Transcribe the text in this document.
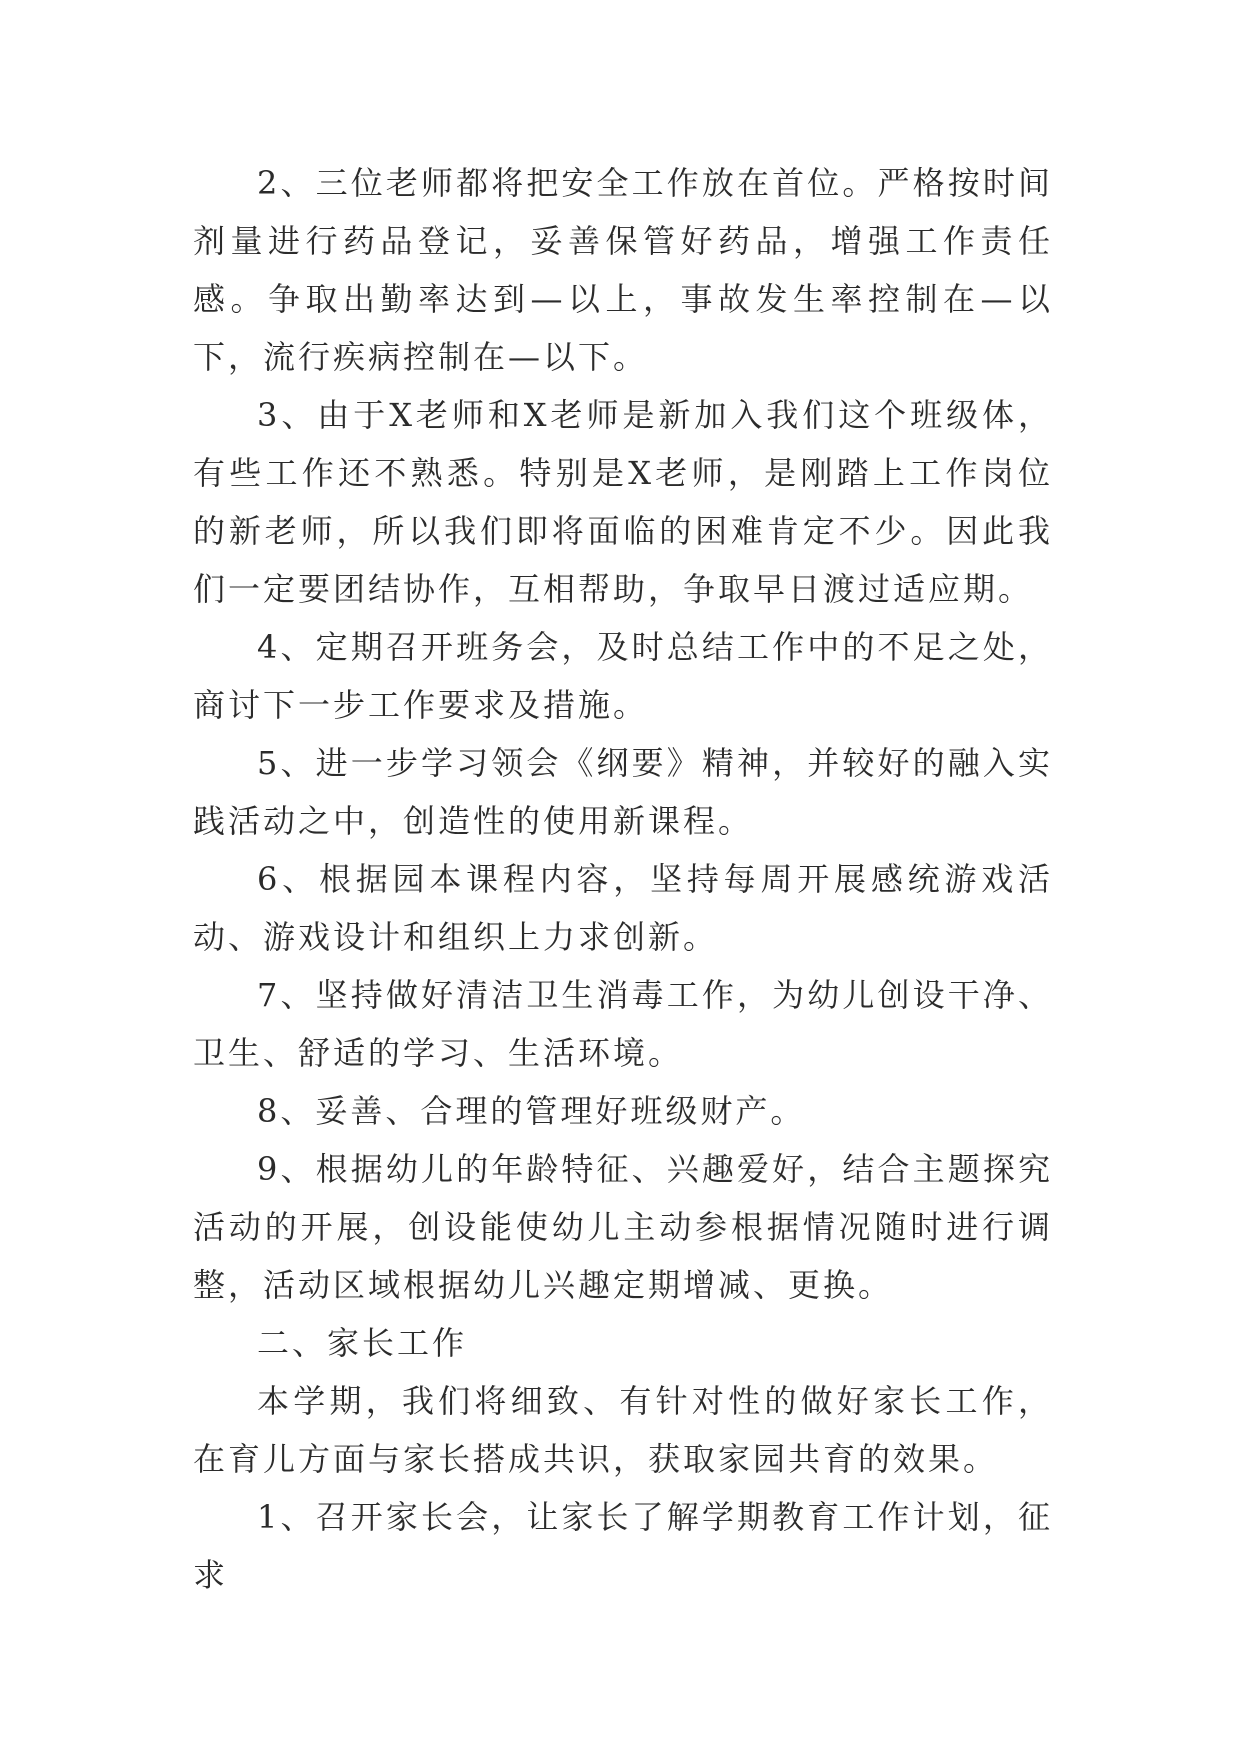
2、三位老师都将把安全工作放在首位。严格按时间剂量进行药品登记，妥善保管好药品，增强工作责任感。争取出勤率达到—以上，事故发生率控制在—以下，流行疾病控制在—以下。

3、由于X老师和X老师是新加入我们这个班级体，有些工作还不熟悉。特别是X老师，是刚踏上工作岗位的新老师，所以我们即将面临的困难肯定不少。因此我们一定要团结协作，互相帮助，争取早日渡过适应期。

4、定期召开班务会，及时总结工作中的不足之处，商讨下一步工作要求及措施。

5、进一步学习领会《纲要》精神，并较好的融入实践活动之中，创造性的使用新课程。

6、根据园本课程内容，坚持每周开展感统游戏活动、游戏设计和组织上力求创新。

7、坚持做好清洁卫生消毒工作，为幼儿创设干净、卫生、舒适的学习、生活环境。

8、妥善、合理的管理好班级财产。

9、根据幼儿的年龄特征、兴趣爱好，结合主题探究活动的开展，创设能使幼儿主动参根据情况随时进行调整，活动区域根据幼儿兴趣定期增减、更换。

二、家长工作

本学期，我们将细致、有针对性的做好家长工作，在育儿方面与家长搭成共识，获取家园共育的效果。

1、召开家长会，让家长了解学期教育工作计划，征求
